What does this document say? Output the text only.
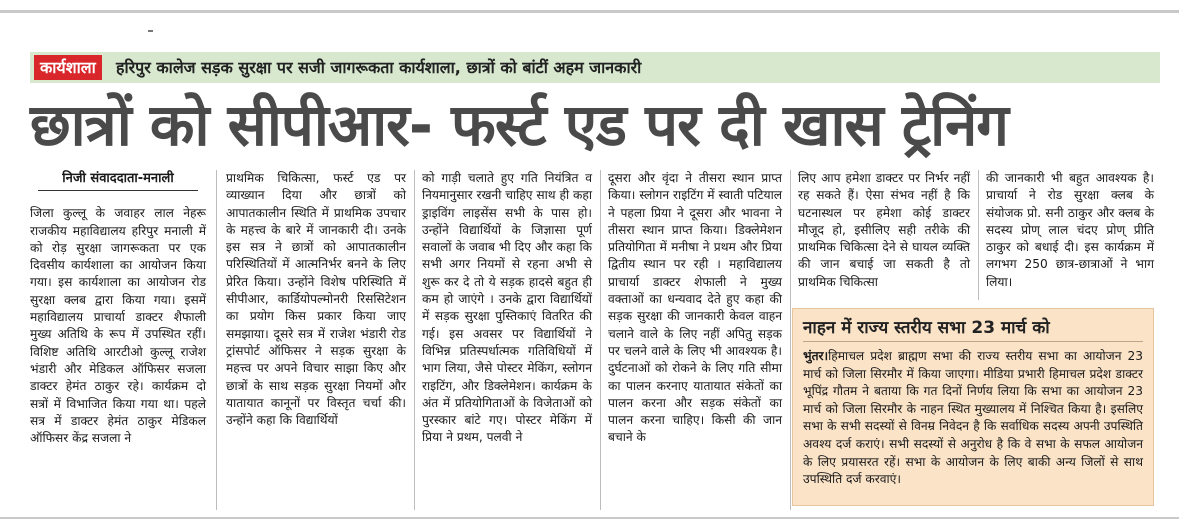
कार्यशाला	हरिपुर कालेज सड़क सुरक्षा पर सजी जागरूकता कार्यशाला, छात्रों को बांटीं अहम जानकारी
छात्रों को सीपीआर- फर्स्ट एड पर दी खास ट्रेनिंग
निजी संवाददाता-मनाली

जिला कुल्लू के जवाहर लाल नेहरू राजकीय महाविद्यालय हरिपुर मनाली में को रोड़ सुरक्षा जागरूकता पर एक दिवसीय कार्यशाला का आयोजन किया गया। इस कार्यशाला का आयोजन रोड सुरक्षा क्लब द्वारा किया गया। इसमें महाविद्यालय प्राचार्या डाक्टर शैफाली मुख्य अतिथि के रूप में उपस्थित रहीं। विशिष्ट अतिथि आरटीओ कुल्लू राजेश भंडारी और मेडिकल ऑफिसर सजला डाक्टर हेमंत ठाकुर रहे। कार्यक्रम दो सत्रों में विभाजित किया गया था। पहले सत्र में डाक्टर हेमंत ठाकुर मेडिकल ऑफिसर केंद्र सजला ने

प्राथमिक चिकित्सा, फर्स्ट एड पर व्याख्यान दिया और छात्रों को आपातकालीन स्थिति में प्राथमिक उपचार के महत्त्व के बारे में जानकारी दी। उनके इस सत्र ने छात्रों को आपातकालीन परिस्थितियों में आत्मनिर्भर बनने के लिए प्रेरित किया। उन्होंने विशेष परिस्थिति में सीपीआर, कार्डियोपल्मोनरी रिससिटेशन का प्रयोग किस प्रकार किया जाए समझाया। दूसरे सत्र में राजेश भंडारी रोड ट्रांसपोर्ट ऑफिसर ने सड़क सुरक्षा के महत्त्व पर अपने विचार साझा किए और छात्रों के साथ सड़क सुरक्षा नियमों और यातायात कानूनों पर विस्तृत चर्चा की। उन्होंने कहा कि विद्यार्थियों

को गाड़ी चलाते हुए गति नियंत्रित व नियमानुसार रखनी चाहिए साथ ही कहा ड्राइविंग लाइसेंस सभी के पास हो। उन्होंने विद्यार्थियों के जिज्ञासा पूर्ण सवालों के जवाब भी दिए और कहा कि सभी अगर नियमों से रहना अभी से शुरू कर दे तो ये सड़क हादसे बहुत ही कम हो जाएंगे । उनके द्वारा विद्यार्थियों में सड़क सुरक्षा पुस्तिकाएं वितरित की गई। इस अवसर पर विद्यार्थियों ने विभिन्न प्रतिस्पर्धात्मक गतिविधियों में भाग लिया, जैसे पोस्टर मेकिंग, स्लोगन राइटिंग, और डिक्लेमेशन। कार्यक्रम के अंत में प्रतियोगिताओं के विजेताओं को पुरस्कार बांटे गए। पोस्टर मेकिंग में प्रिया ने प्रथम, पलवी ने

दूसरा और वृंदा ने तीसरा स्थान प्राप्त किया। स्लोगन राइटिंग में स्वाती पटियाल ने पहला प्रिया ने दूसरा और भावना ने तीसरा स्थान प्राप्त किया। डिक्लेमेशन प्रतियोगिता में मनीषा ने प्रथम और प्रिया द्वितीय स्थान पर रही । महाविद्यालय प्राचार्या डाक्टर शेफाली ने मुख्य वक्ताओं का धन्यवाद देते हुए कहा की सड़क सुरक्षा की जानकारी केवल वाहन चलाने वाले के लिए नहीं अपितु सड़क पर चलने वाले के लिए भी आवश्यक है। दुर्घटनाओं को रोकने के लिए गति सीमा का पालन करनाए यातायात संकेतों का पालन करना और सड़क संकेतों का पालन करना चाहिए। किसी की जान बचाने के

लिए आप हमेशा डाक्टर पर निर्भर नहीं रह सकते हैं। ऐसा संभव नहीं है कि घटनास्थल पर हमेशा कोई डाक्टर मौजूद हो, इसीलिए सही तरीके की प्राथमिक चिकित्सा देने से घायल व्यक्ति की जान बचाई जा सकती है तो प्राथमिक चिकित्सा

की जानकारी भी बहुत आवश्यक है। प्राचार्या ने रोड सुरक्षा क्लब के संयोजक प्रो. सनी ठाकुर और क्लब के सदस्य प्रोण् लाल चंदए प्रोण् प्रीति ठाकुर को बधाई दी। इस कार्यक्रम में लगभग 250 छात्र-छात्राओं ने भाग लिया।

नाहन में राज्य स्तरीय सभा 23 मार्च को

भुंतर।हिमाचल प्रदेश ब्राह्मण सभा की राज्य स्तरीय सभा का आयोजन 23 मार्च को जिला सिरमौर में किया जाएगा। मीडिया प्रभारी हिमाचल प्रदेश डाक्टर भूपिंद्र गौतम ने बताया कि गत दिनों निर्णय लिया कि सभा का आयोजन 23 मार्च को जिला सिरमौर के नाहन स्थित मुख्यालय में निश्चित किया है। इसलिए सभा के सभी सदस्यों से विनम्र निवेदन है कि सर्वाधिक सदस्य अपनी उपस्थिति अवश्य दर्ज कराएं। सभी सदस्यों से अनुरोध है कि वे सभा के सफल आयोजन के लिए प्रयासरत रहें। सभा के आयोजन के लिए बाकी अन्य जिलों से साथ उपस्थिति दर्ज करवाएं।
